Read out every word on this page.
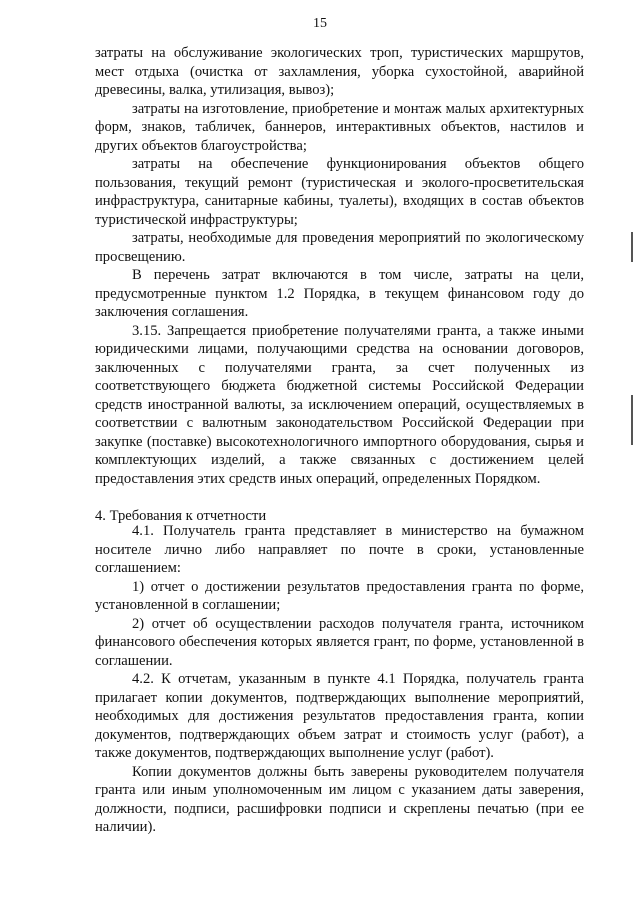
15

затраты на обслуживание экологических троп, туристических маршрутов, мест отдыха (очистка от захламления, уборка сухостойной, аварийной древесины, валка, утилизация, вывоз);

затраты на изготовление, приобретение и монтаж малых архитектурных форм, знаков, табличек, баннеров, интерактивных объектов, настилов и других объектов благоустройства;

затраты на обеспечение функционирования объектов общего пользования, текущий ремонт (туристическая и эколого-просветительская инфраструктура, санитарные кабины, туалеты), входящих в состав объектов туристической инфраструктуры;

затраты, необходимые для проведения мероприятий по экологическому просвещению.

В перечень затрат включаются в том числе, затраты на цели, предусмотренные пунктом 1.2 Порядка, в текущем финансовом году до заключения соглашения.

3.15. Запрещается приобретение получателями гранта, а также иными юридическими лицами, получающими средства на основании договоров, заключенных с получателями гранта, за счет полученных из соответствующего бюджета бюджетной системы Российской Федерации средств иностранной валюты, за исключением операций, осуществляемых в соответствии с валютным законодательством Российской Федерации при закупке (поставке) высокотехнологичного импортного оборудования, сырья и комплектующих изделий, а также связанных с достижением целей предоставления этих средств иных операций, определенных Порядком.

4. Требования к отчетности

4.1. Получатель гранта представляет в министерство на бумажном носителе лично либо направляет по почте в сроки, установленные соглашением:

1) отчет о достижении результатов предоставления гранта по форме, установленной в соглашении;

2) отчет об осуществлении расходов получателя гранта, источником финансового обеспечения которых является грант, по форме, установленной в соглашении.

4.2. К отчетам, указанным в пункте 4.1 Порядка, получатель гранта прилагает копии документов, подтверждающих выполнение мероприятий, необходимых для достижения результатов предоставления гранта, копии документов, подтверждающих объем затрат и стоимость услуг (работ), а также документов, подтверждающих выполнение услуг (работ).

Копии документов должны быть заверены руководителем получателя гранта или иным уполномоченным им лицом с указанием даты заверения, должности, подписи, расшифровки подписи и скреплены печатью (при ее наличии).
